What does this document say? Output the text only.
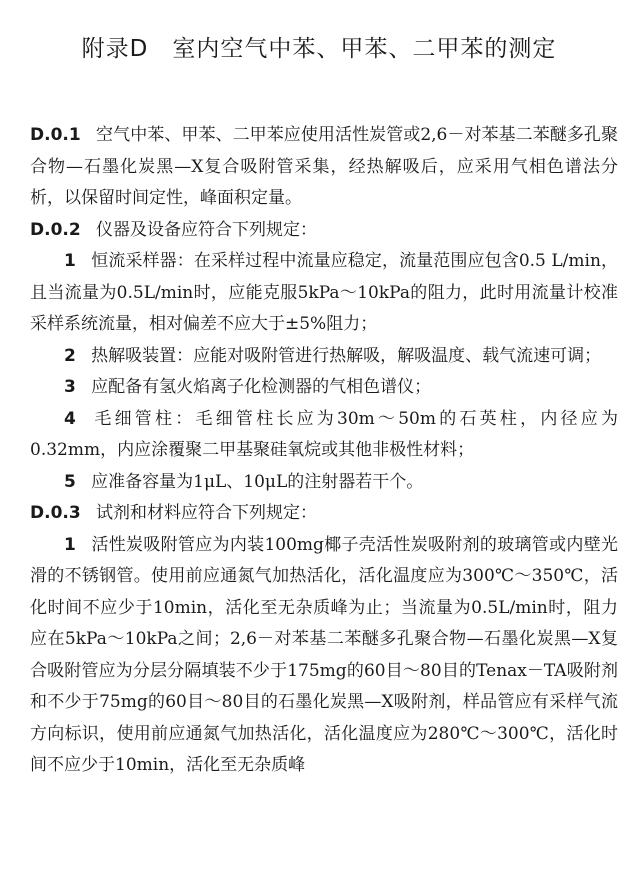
附录D　室内空气中苯、甲苯、二甲苯的测定

D.0.1 空气中苯、甲苯、二甲苯应使用活性炭管或2,6－对苯基二苯醚多孔聚合物—石墨化炭黑—X复合吸附管采集，经热解吸后，应采用气相色谱法分析，以保留时间定性，峰面积定量。

D.0.2 仪器及设备应符合下列规定：

1 恒流采样器：在采样过程中流量应稳定，流量范围应包含0.5 L/min，且当流量为0.5L/min时，应能克服5kPa～10kPa的阻力，此时用流量计校准采样系统流量，相对偏差不应大于±5%阻力；

2 热解吸装置：应能对吸附管进行热解吸，解吸温度、载气流速可调；

3 应配备有氢火焰离子化检测器的气相色谱仪；

4 毛细管柱：毛细管柱长应为30m～50m的石英柱，内径应为0.32mm，内应涂覆聚二甲基聚硅氧烷或其他非极性材料；

5 应准备容量为1μL、10μL的注射器若干个。

D.0.3 试剂和材料应符合下列规定：

1 活性炭吸附管应为内装100mg椰子壳活性炭吸附剂的玻璃管或内壁光滑的不锈钢管。使用前应通氮气加热活化，活化温度应为300℃～350℃，活化时间不应少于10min，活化至无杂质峰为止；当流量为0.5L/min时，阻力应在5kPa～10kPa之间；2,6－对苯基二苯醚多孔聚合物—石墨化炭黑—X复合吸附管应为分层分隔填装不少于175mg的60目～80目的Tenax－TA吸附剂和不少于75mg的60目～80目的石墨化炭黑—X吸附剂，样品管应有采样气流方向标识，使用前应通氮气加热活化，活化温度应为280℃～300℃，活化时间不应少于10min，活化至无杂质峰
